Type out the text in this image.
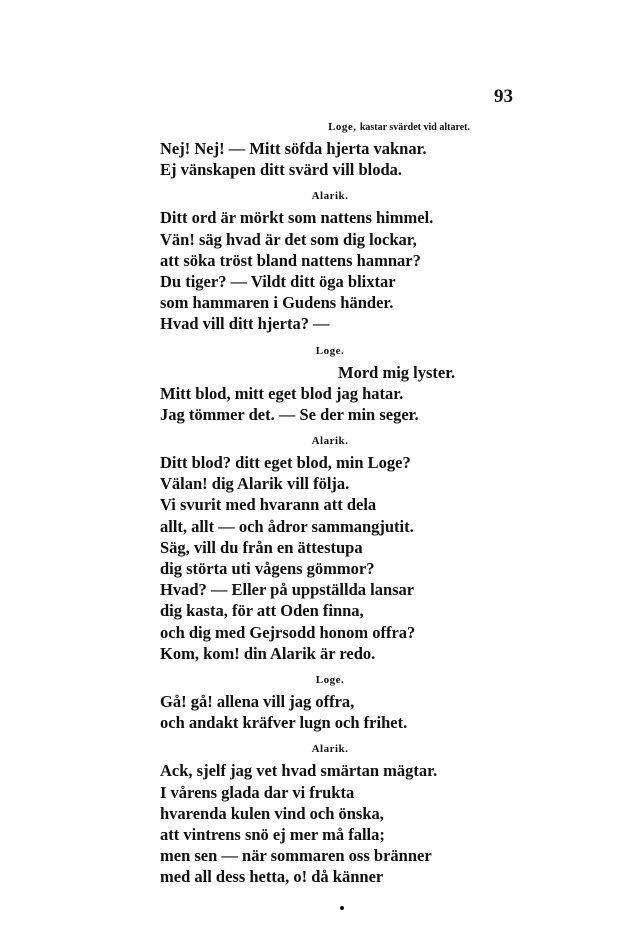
93
Loge, kastar svärdet vid altaret.
Nej! Nej! — Mitt söfda hjerta vaknar.
Ej vänskapen ditt svärd vill bloda.
Alarik.
Ditt ord är mörkt som nattens himmel.
Vän! säg hvad är det som dig lockar,
att söka tröst bland nattens hamnar?
Du tiger? — Vildt ditt öga blixtar
som hammaren i Gudens händer.
Hvad vill ditt hjerta? —
Loge.
Mord mig lyster.
Mitt blod, mitt eget blod jag hatar.
Jag tömmer det. — Se der min seger.
Alarik.
Ditt blod? ditt eget blod, min Loge?
Välan! dig Alarik vill följa.
Vi svurit med hvarann att dela
allt, allt — och ådror sammangjutit.
Säg, vill du från en ättestupa
dig störta uti vågens gömmor?
Hvad? — Eller på uppställda lansar
dig kasta, för att Oden finna,
och dig med Gejrsodd honom offra?
Kom, kom! din Alarik är redo.
Loge.
Gå! gå! allena vill jag offra,
och andakt kräfver lugn och frihet.
Alarik.
Ack, sjelf jag vet hvad smärtan mägtar.
I vårens glada dar vi frukta
hvarenda kulen vind och önska,
att vintrens snö ej mer må falla;
men sen — när sommaren oss bränner
med all dess hetta, o! då känner
